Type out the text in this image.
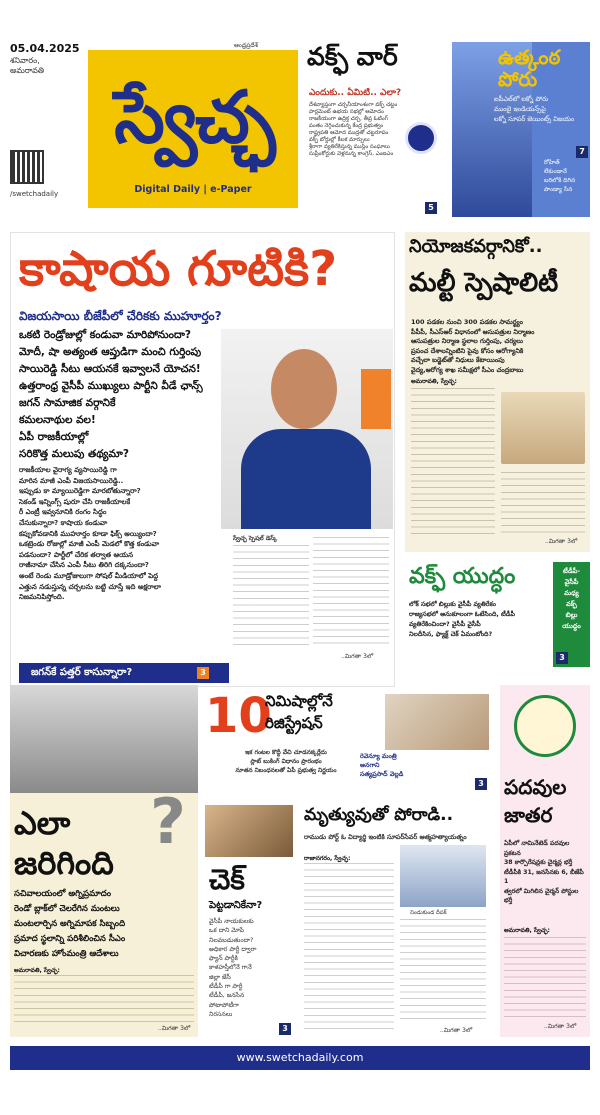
05.04.2025
శనివారం,
అమరావతి
/swetchadaily
ఆంధ్రప్రదేశ్
స్వేచ్ఛ
Digital Daily | e-Paper
వక్ఫ్ వార్
ఎందుకు.. ఏమిటి.. ఎలా?
దేశవ్యాప్తంగా చర్చనీయాంశంగా వక్ఫ్ చట్టం
పార్లమెంట్ ఉభయ సభల్లో ఆమోదం
రాజకీయంగా ఉద్రిక్త చర్చ, తీవ్ర ఓటింగ్
పంతం నెగ్గించుకున్న కేంద్ర ప్రభుత్వం
రాష్ట్రపతి ఆమోద ముద్రతో చట్టరూపం
వక్ఫ్ బోర్డుల్లో కీలక మార్పులు
శ్రీరాగా వ్యతిరేకిస్తున్న ముస్లిం సంఘాలు
సుప్రీంకోర్టుకు వెళ్లనున్న కాంగ్రెస్, ఎంఐఎం
5
ఉత్కంఠ పోరు
ఐపీఎల్‌లో లక్నో పోరు
ముంబై ఇండియన్స్‌పై
లక్నో సూపర్ జెయింట్స్ విజయం
రోహిత్
లేకుండానే
బరిలోకి దిగిన
పాండ్యా సేన
7
కాషాయ గూటికి?
విజయసాయి బీజేపీలో చేరికకు ముహూర్తం?
ఒకటి రెండ్రోజుల్లో కండువా మారిపోనుందా?
మోదీ, షా అత్యంత ఆప్తుడిగా మంచి గుర్తింపు
సాయిరెడ్డి సీటు ఆయనకే ఇవ్వాలనే యోచన!
ఉత్తరాంధ్ర వైసీపీ ముఖ్యులు పార్టీని వీడే ఛాన్స్
జగన్ సామాజిక వర్గానికే
కమలనాథుల వల!
ఏపీ రాజకీయాల్లో
సరికొత్త మలుపు తథ్యమా?
రాజకీయాల వైరాగ్య వ్యసాయిరెడ్డి గా
మారిన మాజీ ఎంపీ విజయసాయిరెడ్డి..
ఇప్పుడు కా మ్యాయిరెడ్డిగా మారబోతున్నారా?
సెకండ్ ఇన్నింగ్స్ షురూ చేసి రాజకీయాలకే
రీ ఎంట్రీ ఇవ్వనూనికి రంగం సిద్ధం
చేసుకున్నారా? కాషాయ కండువా
కప్పుకోవడానికి ముహూర్తం కూడా ఫిక్స్ అయ్యిందా?
ఒకట్రెండు రోజుల్లో మాజీ ఎంపీ మెడలో కొత్త కండువా
పడనుందా? పార్టీలో చేరిక తర్వాత ఆయన
రాజీనామా చేసిన ఎంపీ సీటు తిరిగి దక్కనుందా?
అంటే రెండు మూడ్రోజులుగా సోషల్ మీడియాలో పెద్ద
ఎత్తున నడుస్తున్న చర్చలను బట్టి చూస్తే ఇది అక్షరాలా
నిజమనిపిస్తోంది.
స్వేచ్ఛ స్పెషల్ డెస్క్
..మిగతా 3లో
జగన్‌కే పత్తర్ కాసున్నారా?	3
నియోజకవర్గానికో..
మల్టీ స్పెషాలిటీ
100 పడకల నుంచి 300 పడకల సామర్థ్యం
పీపీపీ, సీఎస్ఆర్ విధానంలో ఆసుపత్రుల నిర్మాణం
ఆసుపత్రుల నిర్మాణ స్థలాల గుర్తింపు, చర్యలు
ప్రపంచ దేశాలన్నింటిని పైవు కోసం ఆరోగ్యానికి
వచ్చేలా బడ్జెట్‌తో నిధులు కేటాయింపు
వైద్య,ఆరోగ్య శాఖ సమీక్షలో సీఎం చంద్రబాబు
అమరావతి, స్వేచ్ఛ:
..మిగతా 3లో
వక్ఫ్ యుద్ధం
లోక్ సభలో బిల్లుకు వైసీపీ వ్యతిరేకం
రాజ్యసభలో అనుకూలంగా ఓటేసింది, టీడీపీ
వ్యతిరేకించిందా? వైసీపీ వైసీపీ
నిలదీసిన, ఫ్యాక్ట్ చెక్ ఏమంటోంది?
టీడీపీ-
వైసీపీ
మధ్య
వక్ఫ్
బిల్లు
యుద్ధం
3
ఎలా జరిగింది
?
సచివాలయంలో అగ్నిప్రమాదం
రెండో బ్లాక్‌లో చెలరేగిన మంటలు
మంటలార్పిన అగ్నిమాపక సిబ్బంది
ప్రమాద స్థలాన్ని పరిశీలించిన సీఎం
విచారణకు హోంమంత్రి ఆదేశాలు
అమరావతి, స్వేచ్ఛ:
..మిగతా 3లో
10
నిమిషాల్లోనే
రిజిస్ట్రేషన్
ఇక గంటల కొద్దీ వేచి చూడనక్కర్లేదు
స్లాట్ బుకింగ్ విధానం ప్రారంభం
నూతన నిబంధనలతో ఏపీ ప్రభుత్వ నిర్ణయం
రెవెన్యూ మంత్రి
అనగాని
సత్యప్రసాద్ వెల్లడి
3
చెక్
పెట్టడానికేనా?
వైసీపీ నాయకులకు
ఒక దాని మోపే
నిలవబడుతుందా?
అధికార పార్టీ ద్వారా
ఫ్యాన్ పార్టీకి
కాళహస్తీలోనే గానే
జిల్లా జేసీ
టీడీపీ గా పార్టీ
టీడీపీ, జనసేన
పోటాపోటీగా
నిరసనలు
3
మృత్యువుతో పోరాడి..
రాముడు పోర్ట్ ఓ విద్యార్థి ఇంటికి సూపర్‌సేవర్ ఆత్మహత్యాయత్నం
రాజానగరం, స్వేచ్ఛ:
నిండుకుండ దీపక్
..మిగతా 3లో
పదవుల
జాతర
ఏపీలో నామినేటెడ్ పదవుల ప్రకటన
38 కార్పొరేషన్లకు చైర్మన్ల భర్తీ
టీడీపీకి 31, జనసేనకు 6, బీజేపీ 1
త్వరలో మిగిలిన చైర్మన్ పోస్టుల భర్తీ
అమరావతి, స్వేచ్ఛ:
..మిగతా 3లో
www.swetchadaily.com
